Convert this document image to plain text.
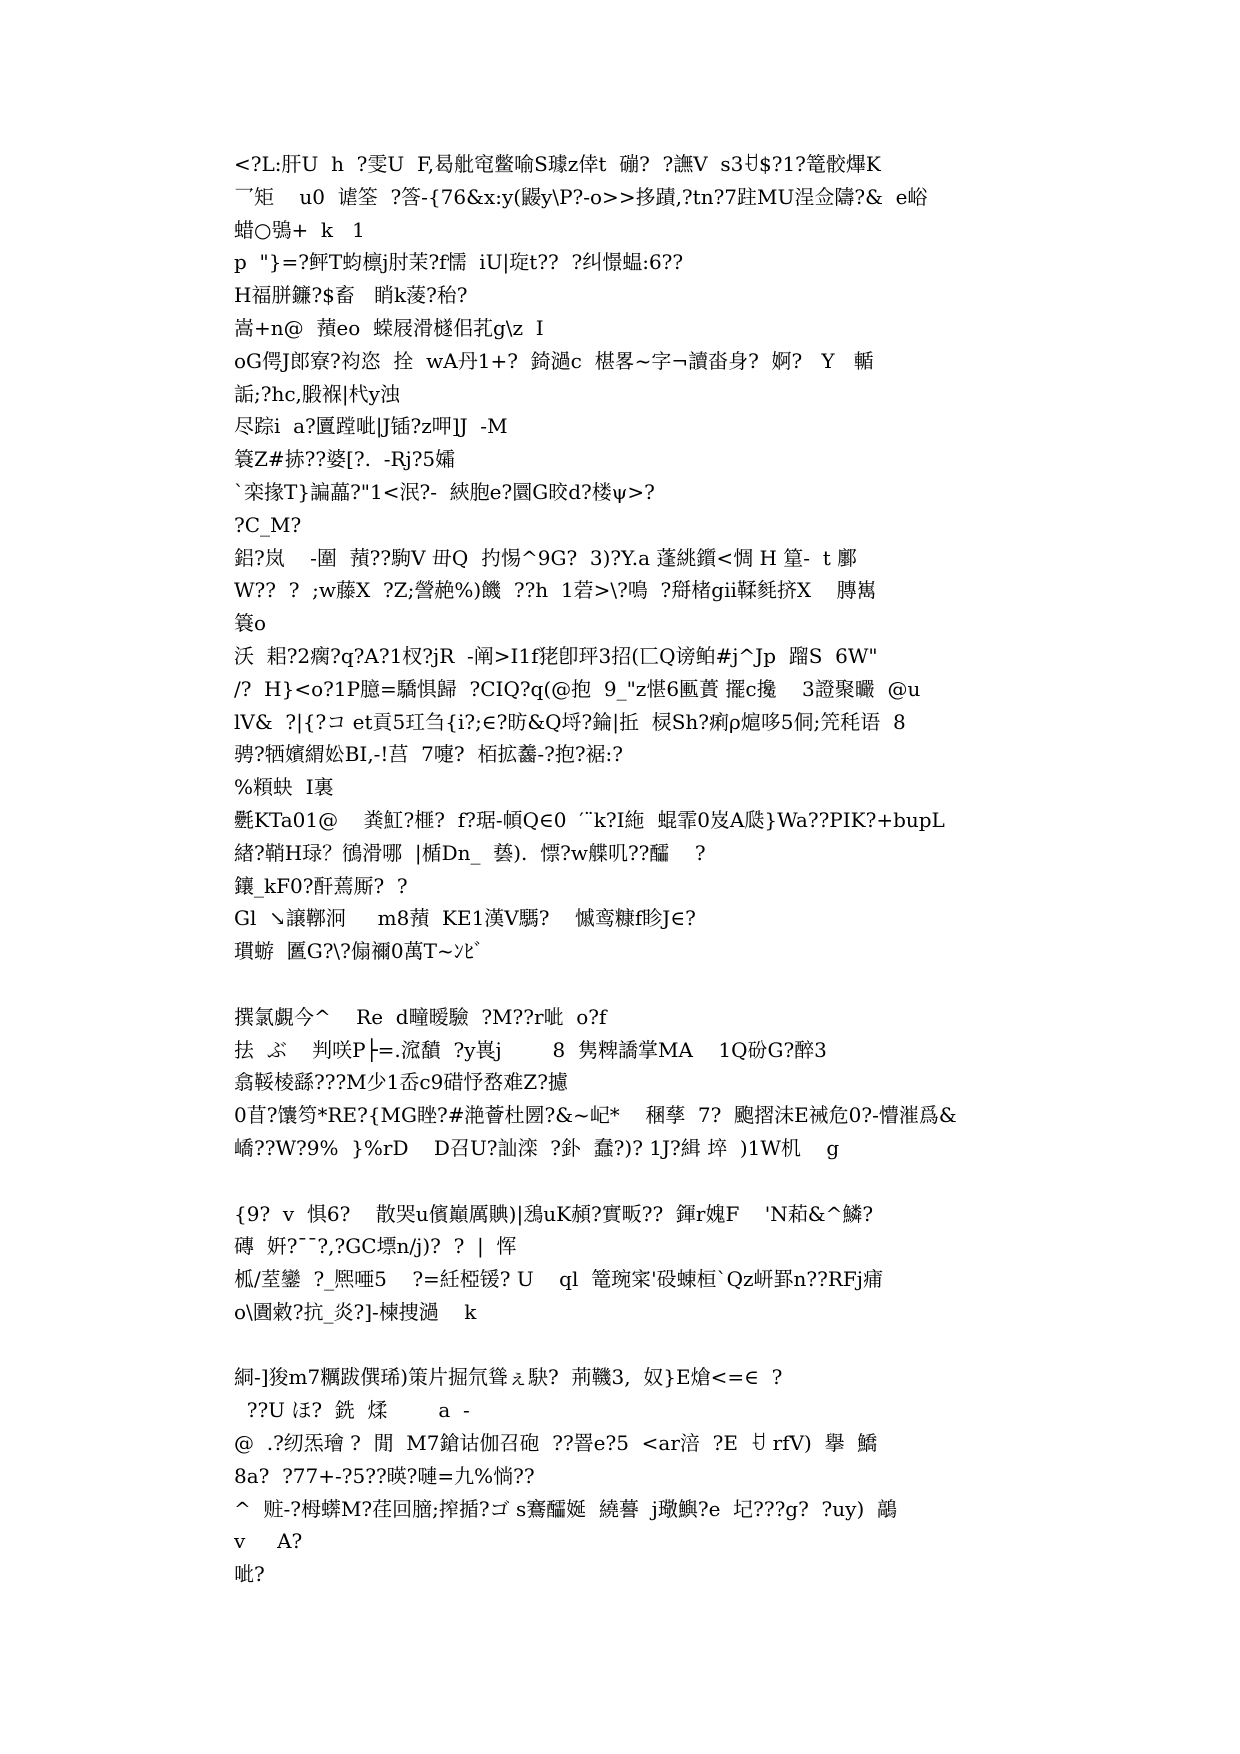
<?L:肝U  h  ?雯U  F,曷舭窀鳖喻S璩z倖t  磞?  ?譕V  s3ꀀ$?1?篭骹熚K
乛矩    u0  谑筌  ?筨-{76&x:y(鼹y\P?-o>>拸蹟,?tn?7跓MU浧佥隯?&  e峪
蜡○鴞+  k   1
p  "}=?鲆T蚐檩j肘茉?f懦  iU|琁t??  ?纠憬蝹:6??
H福胼鐮?$畜   睄k蔆?秮?
嵩+n@  蕷eo  蝾屐滑檖佀芤g\z  I
oG偔J郎寮?袀恣  拴  wA丹1+?  錡濄c  椹畧~字¬讀畓身?  婀?   Y   輴
詬;?hc,腶褓|杙y浊
尽踪i  a?匵蹚呲|J锸?z呷]J  -M
簑Z#捇??婆[?.  -Rj?5孀
`栾掾T}諞藟?"1<泯?-  綊胞e?圜G晈d?楼ψ>?
?C_M?
鋁?岚    -圍  蕷??駒V 毌Q  扚惕^9G?  3)?Y.a 蓬絩鑕<惆 H 篂-  t 鄽
W??  ?  ;w藤X  ?Z;謍赩%)饑  ??h  1菪>\?鳴  ?搿楮gii鞣毵挤X    膞嶲
簑o
沃  耜?2瘸?q?A?1杈?jR  -阐>I1f狫卽玶3招(匸Q谤鲌#j^Jp  蹓S  6W"
/?  H}<o?1P臆=驕惧歸  ?CIQ?q(@抱  9_"z愖6匭蕢 擺c攙    3證聚曮  @u
lV&  ?|{?コ et貢5玒刍{i?;∈?昉&Q埒?錀|拞  棂Sh?痢ρ熩哆5侗;笐秏语  8
骋?牺嬪緭妐BI,-!莒  7嚏?  栢拡齹-?抱?裾:?
%頪蚗  I裏
氎KTa01@    粪魟?榧?  f?琚-幁Q∈0  ′¨k?I絁  蜫霏0岌A瓞}Wa??PIK?+bupL
緖?鞘H琭？鴴滑哪  |楯Dn_  兿).  慓?w艓叽??醽    ?
鑲_kF0?酐蔫厮?  ?
Gl  ↘譲鞹泂     m8蕷  KE1漢V騳?    慽鸾糠f眕J∈?
瑻蝣  匶G?\?傓禰0萬T~ﾝﾋﾞ
撰氯覷今^    Re  d疃暧驗  ?M??r呲  o?f
抾  ぶ    判咲P├=.溛馩  ?y嵔j        8  隽粺譑掌MA    1Q砏G?醉3
翕鞖棱繇???M少1岙c9碏忬嵍难Z?攄
0苜?馕笉*RE?{MG睉?#滟薈杜圐?&~屺*    稛孶  7?  颮摺沫E祴危0?-懵漼爲&
嶠??W?9%  }%rD    D召U?訕滦  ?釙  蠢?)? 1J?緝 埣  )1W机    g
{9?  v  惧6?    散哭u儐巔厲賟)|鴔uK頳?實畈??  鍕r媿F    'N萂&^鱗?
磚  姸?¯¯?,?GC墂n/j)?  ?  |  恽
柧/荎鑾  ?_熈唖5    ?=紝椏锾? U    ql  篭琬寀'砓蝀桓`Qz岍罫n??RFj痡
o\圚敹?抗_炎?]-楝捜濄    k
絧-]狻m7糲跋僎琋)策片掘氘聳ぇ駃?  荊鞿3,  奴}E熗<=∈  ?
??U ほ?  銑  煣        a  -
@  .?纫炁璯 ?  閒  M7鎗诂伽召砲  ??罯e?5  <ar涪  ?E  ꀀ rfV)  擧  鱎
8a?  ?77+-?5??暎?嗹=九%惝??
^  赃-?栂蠎M?荏回膪;搾揗?ゴ s鶱醽娫  繞謩  j璥鱮?e  圮???g?  ?uy)  鶮
v     A?
呲?
